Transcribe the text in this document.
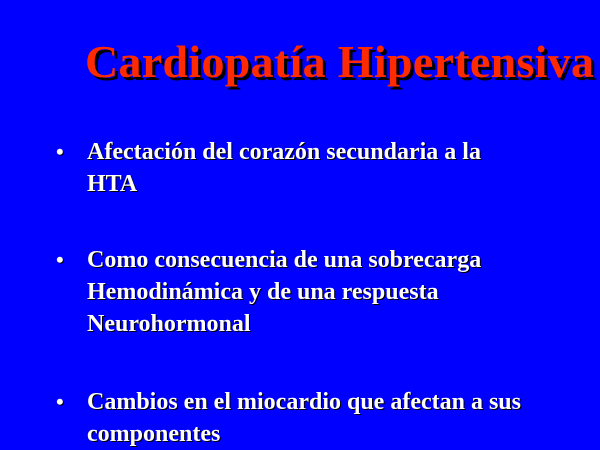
Cardiopatía Hipertensiva
• Afectación del corazón secundaria a la
HTA
• Como consecuencia de una sobrecarga
Hemodinámica y de una respuesta
Neurohormonal
• Cambios en el miocardio que afectan a sus
componentes
